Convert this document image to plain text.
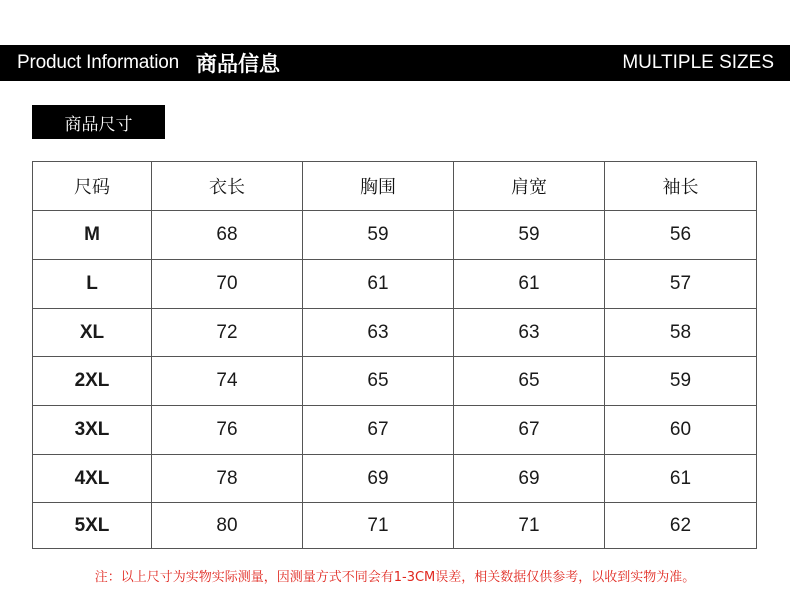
Product Information 商品信息	MULTIPLE SIZES
商品尺寸
尺码	衣长	胸围	肩宽	袖长
M	68	59	59	56
L	70	61	61	57
XL	72	63	63	58
2XL	74	65	65	59
3XL	76	67	67	60
4XL	78	69	69	61
5XL	80	71	71	62
注：以上尺寸为实物实际测量，因测量方式不同会有1-3CM误差，相关数据仅供参考，以收到实物为准。
